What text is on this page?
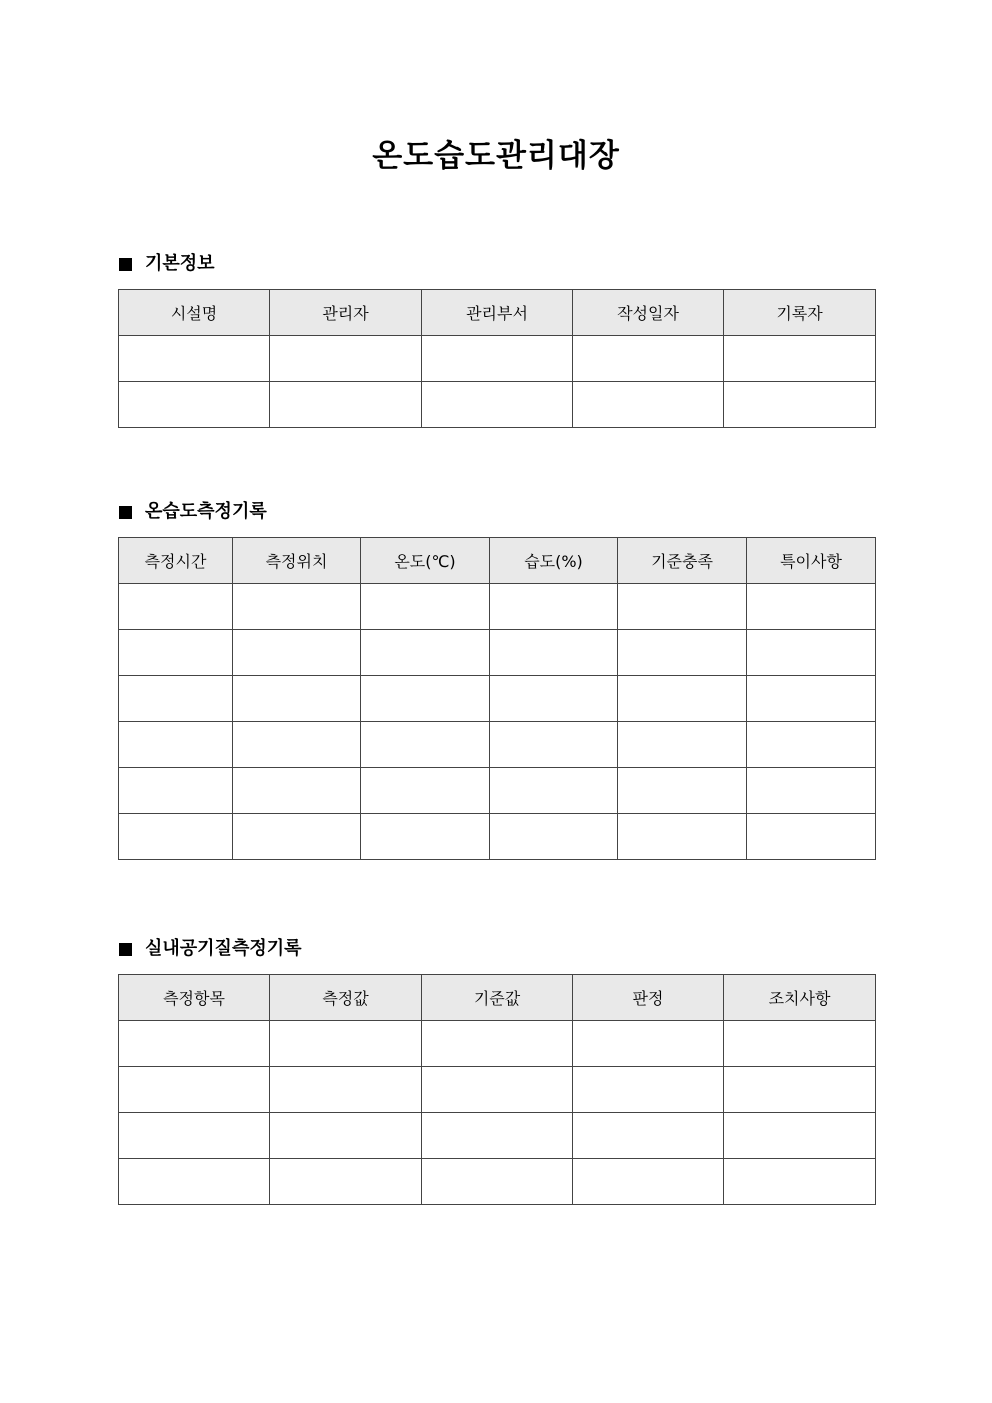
온도습도관리대장
기본정보
시설명	관리자	관리부서	작성일자	기록자

온습도측정기록
측정시간	측정위치	온도(℃)	습도(%)	기준충족	특이사항

실내공기질측정기록
측정항목	측정값	기준값	판정	조치사항
